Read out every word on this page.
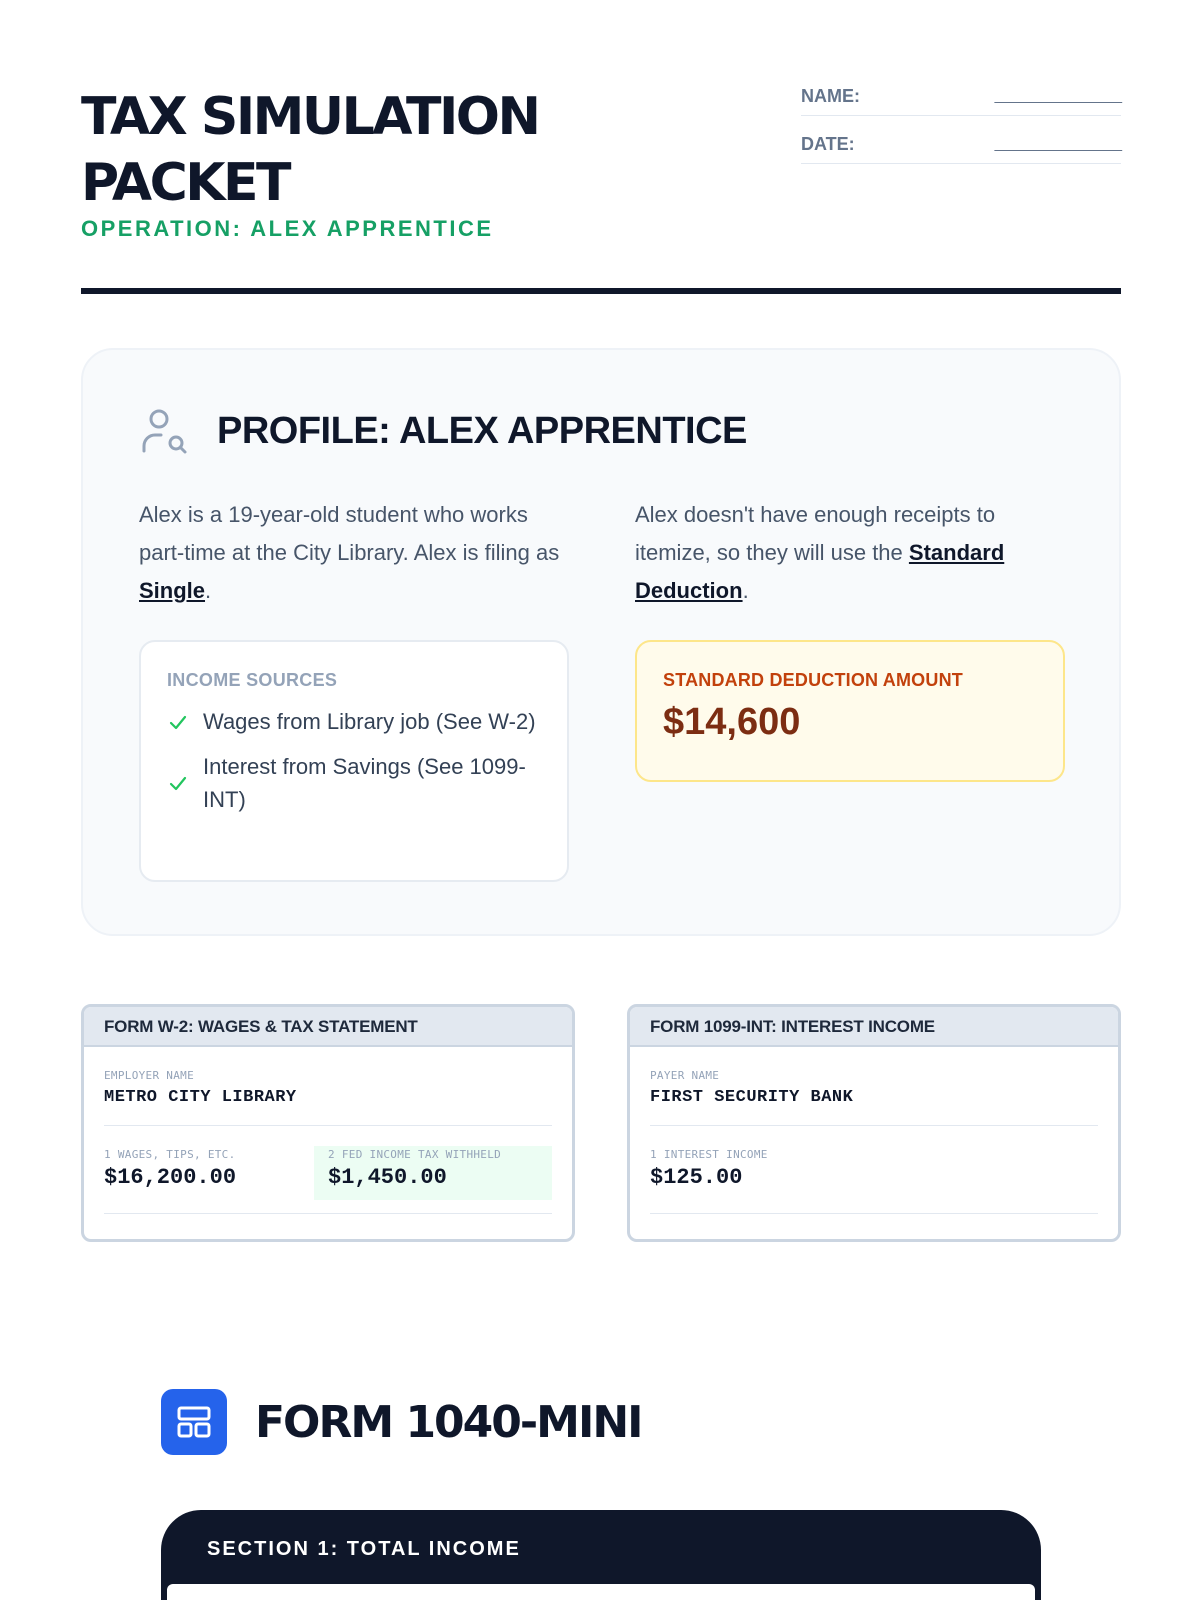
TAX SIMULATION
PACKET
OPERATION: ALEX APPRENTICE
NAME:	________________
DATE:	________________
PROFILE: ALEX APPRENTICE
Alex is a 19-year-old student who works part-time at the City Library. Alex is filing as Single.
Alex doesn't have enough receipts to itemize, so they will use the Standard Deduction.
INCOME SOURCES
Wages from Library job (See W-2)
Interest from Savings (See 1099-INT)
STANDARD DEDUCTION AMOUNT
$14,600
FORM W-2: WAGES & TAX STATEMENT
EMPLOYER NAME
METRO CITY LIBRARY
1 WAGES, TIPS, ETC.
$16,200.00
2 FED INCOME TAX WITHHELD
$1,450.00
FORM 1099-INT: INTEREST INCOME
PAYER NAME
FIRST SECURITY BANK
1 INTEREST INCOME
$125.00
FORM 1040-MINI
SECTION 1: TOTAL INCOME
